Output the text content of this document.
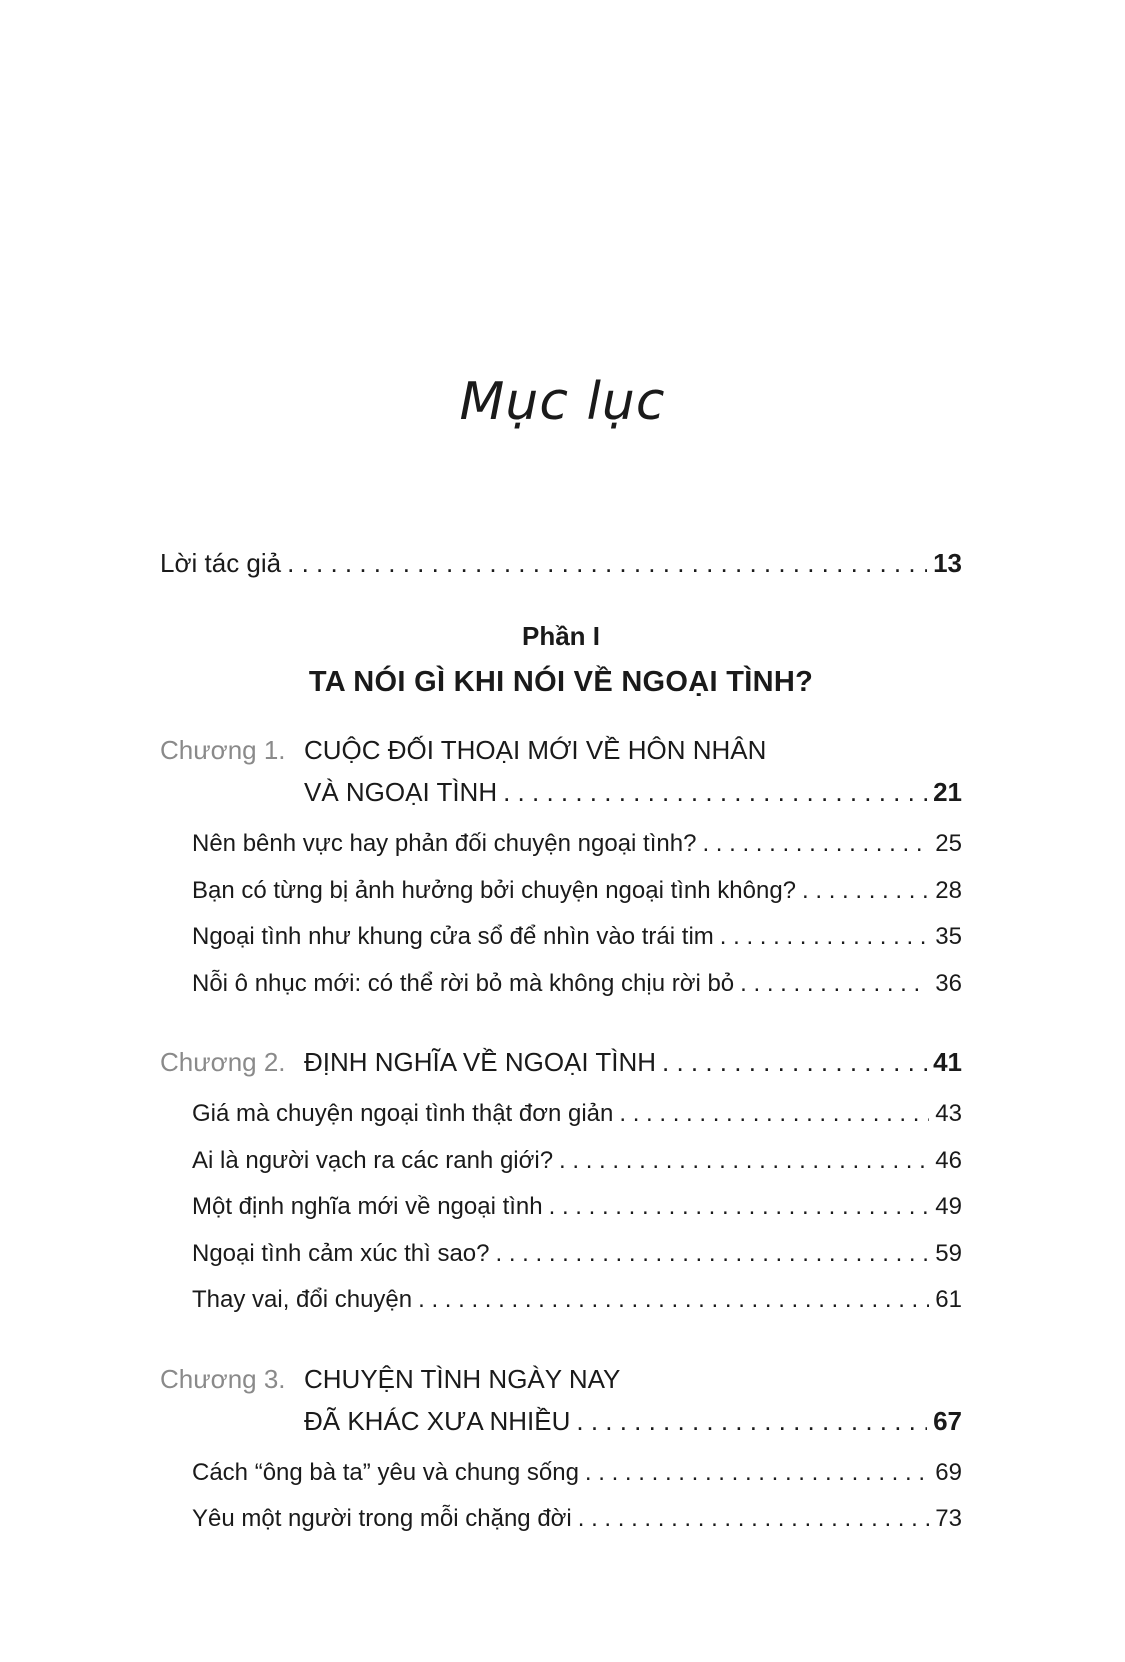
Mục lục
Lời tác giả . . .	13
Phần I
TA NÓI GÌ KHI NÓI VỀ NGOẠI TÌNH?
Chương 1. CUỘC ĐỐI THOẠI MỚI VỀ HÔN NHÂN
VÀ NGOẠI TÌNH . . .	21
Nên bênh vực hay phản đối chuyện ngoại tình? . . .	25
Bạn có từng bị ảnh hưởng bởi chuyện ngoại tình không? . . .	28
Ngoại tình như khung cửa sổ để nhìn vào trái tim . . .	35
Nỗi ô nhục mới: có thể rời bỏ mà không chịu rời bỏ . . .	36
Chương 2. ĐỊNH NGHĨA VỀ NGOẠI TÌNH . . .	41
Giá mà chuyện ngoại tình thật đơn giản . . .	43
Ai là người vạch ra các ranh giới? . . .	46
Một định nghĩa mới về ngoại tình . . .	49
Ngoại tình cảm xúc thì sao? . . .	59
Thay vai, đổi chuyện . . .	61
Chương 3. CHUYỆN TÌNH NGÀY NAY
ĐÃ KHÁC XƯA NHIỀU . . .	67
Cách “ông bà ta” yêu và chung sống . . .	69
Yêu một người trong mỗi chặng đời . . .	73
